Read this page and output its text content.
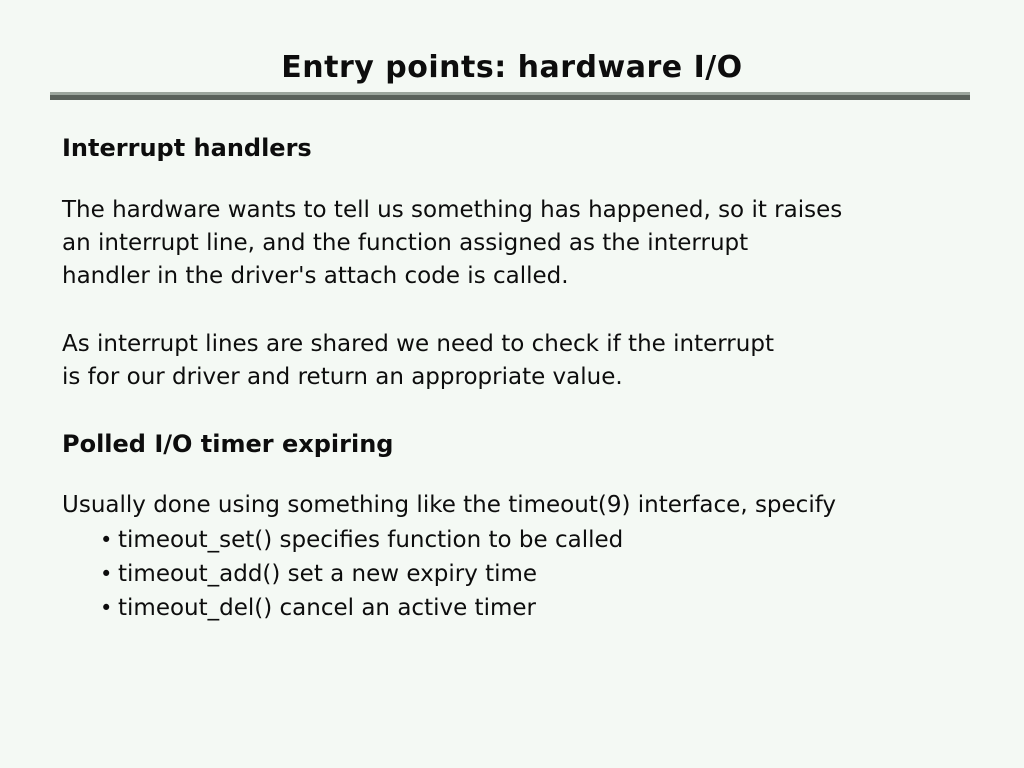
Entry points: hardware I/O
Interrupt handlers
The hardware wants to tell us something has happened, so it raises
an interrupt line, and the function assigned as the interrupt
handler in the driver's attach code is called.
As interrupt lines are shared we need to check if the interrupt
is for our driver and return an appropriate value.
Polled I/O timer expiring
Usually done using something like the timeout(9) interface, specify
• timeout_set() specifies function to be called
• timeout_add() set a new expiry time
• timeout_del() cancel an active timer
